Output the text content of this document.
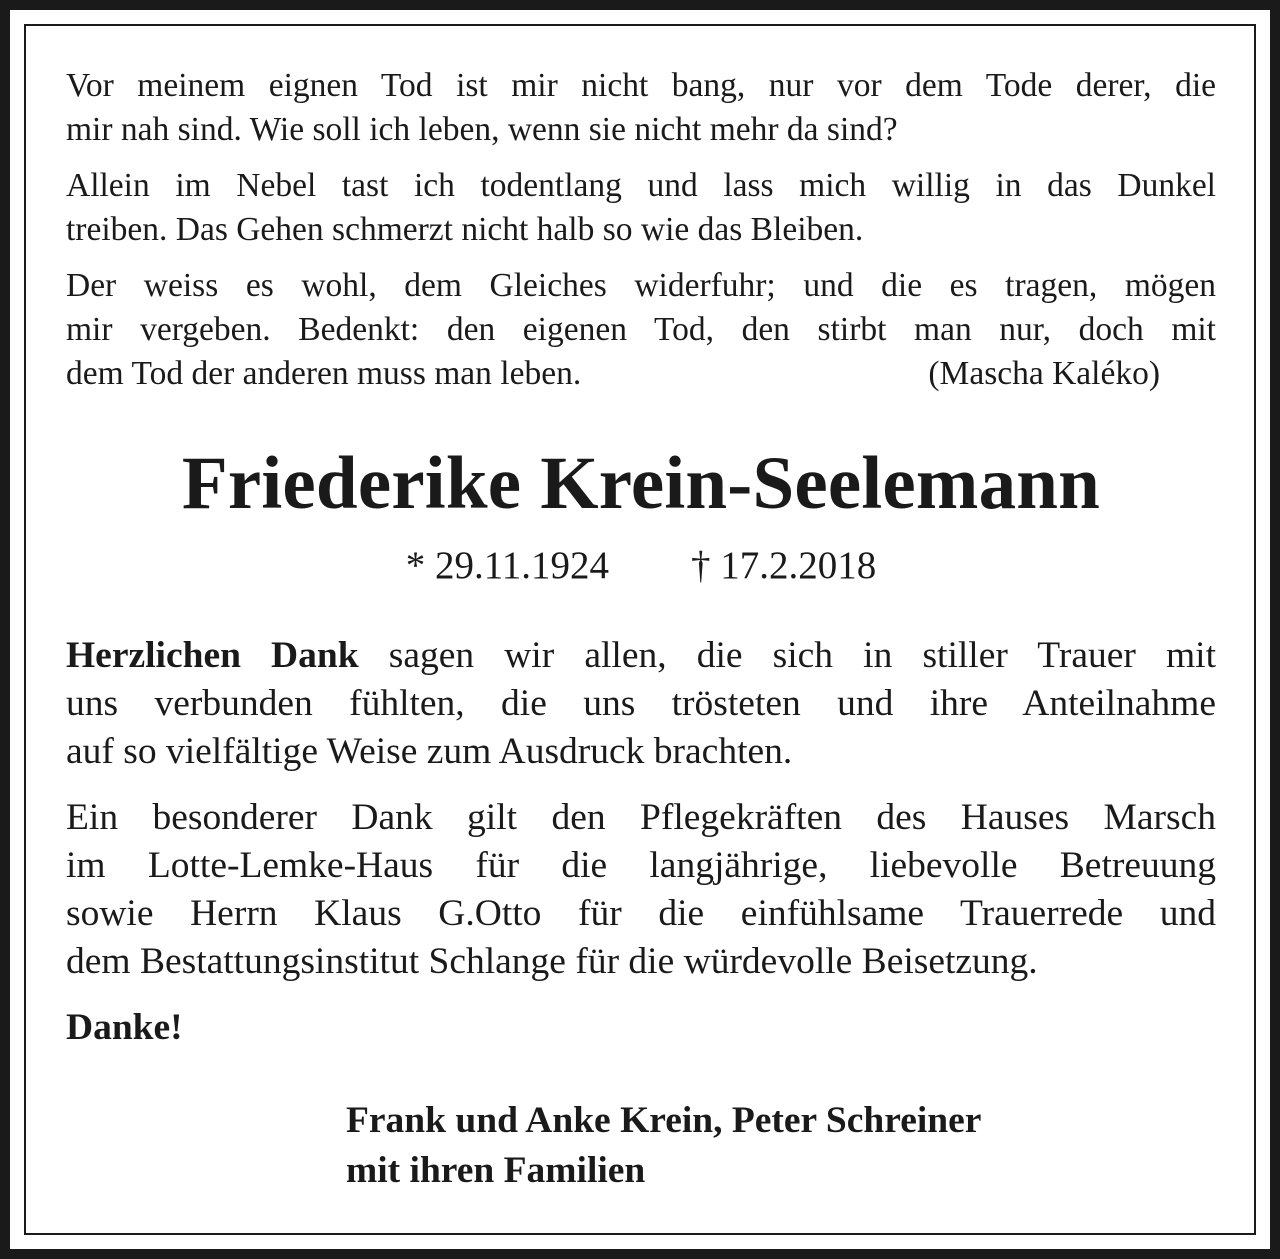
Vor meinem eignen Tod ist mir nicht bang, nur vor dem Tode derer, die
mir nah sind. Wie soll ich leben, wenn sie nicht mehr da sind?
Allein im Nebel tast ich todentlang und lass mich willig in das Dunkel
treiben. Das Gehen schmerzt nicht halb so wie das Bleiben.
Der weiss es wohl, dem Gleiches widerfuhr; und die es tragen, mögen
mir vergeben. Bedenkt: den eigenen Tod, den stirbt man nur, doch mit
dem Tod der anderen muss man leben.	(Mascha Kaléko)
Friederike Krein-Seelemann
* 29.11.1924 † 17.2.2018

Herzlichen Dank sagen wir allen, die sich in stiller Trauer mit
uns verbunden fühlten, die uns trösteten und ihre Anteilnahme
auf so vielfältige Weise zum Ausdruck brachten.

Ein besonderer Dank gilt den Pflegekräften des Hauses Marsch
im Lotte-Lemke-Haus für die langjährige, liebevolle Betreuung
sowie Herrn Klaus G.Otto für die einfühlsame Trauerrede und
dem Bestattungsinstitut Schlange für die würdevolle Beisetzung.

Danke!
Frank und Anke Krein, Peter Schreiner
mit ihren Familien
